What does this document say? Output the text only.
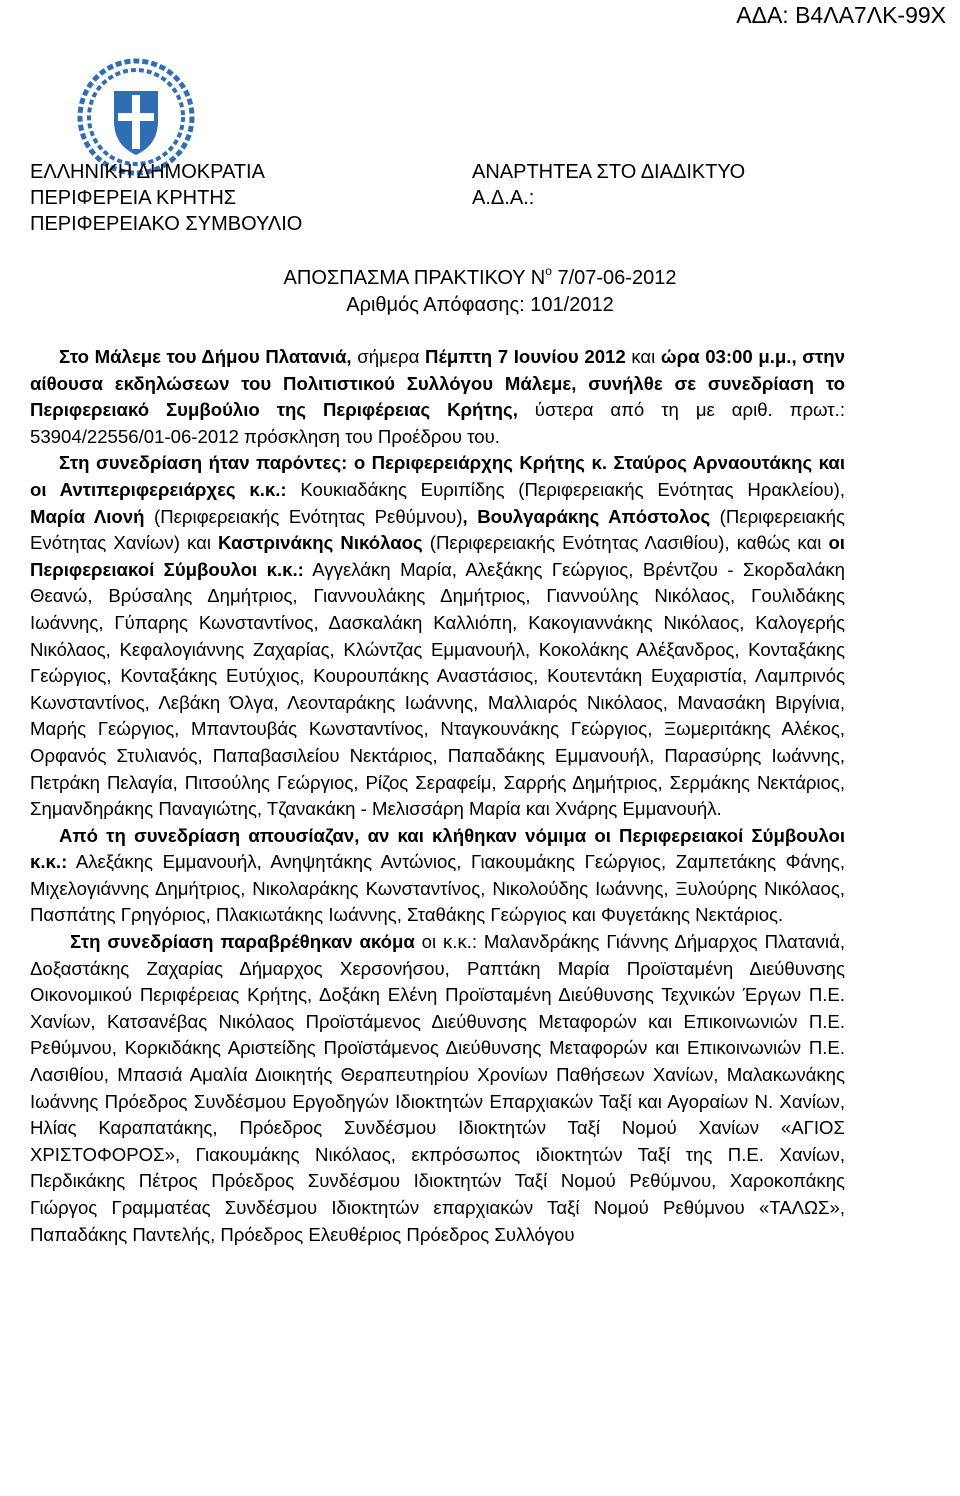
ΑΔΑ: Β4ΛΑ7ΛΚ-99Χ
ΕΛΛΗΝΙΚΗ ΔΗΜΟΚΡΑΤΙΑ
ΠΕΡΙΦΕΡΕΙΑ ΚΡΗΤΗΣ
ΠΕΡΙΦΕΡΕΙΑΚΟ ΣΥΜΒΟΥΛΙΟ
ΑΝΑΡΤΗΤΕΑ ΣΤΟ ΔΙΑΔΙΚΤΥΟ
Α.Δ.Α.:
ΑΠΟΣΠΑΣΜΑ ΠΡΑΚΤΙΚΟΥ $N^o$ 7/07-06-2012
Αριθμός Απόφασης: 101/2012

Στο Μάλεμε του Δήμου Πλατανιά, σήμερα Πέμπτη 7 Ιουνίου 2012 και ώρα 03:00 μ.μ., στην αίθουσα εκδηλώσεων του Πολιτιστικού Συλλόγου Μάλεμε, συνήλθε σε συνεδρίαση το Περιφερειακό Συμβούλιο της Περιφέρειας Κρήτης, ύστερα από τη με αριθ. πρωτ.: 53904/22556/01-06-2012 πρόσκληση του Προέδρου του.

Στη συνεδρίαση ήταν παρόντες: ο Περιφερειάρχης Κρήτης κ. Σταύρος Αρναουτάκης και οι Αντιπεριφερειάρχες κ.κ.: Κουκιαδάκης Ευριπίδης (Περιφερειακής Ενότητας Ηρακλείου), Μαρία Λιονή (Περιφερειακής Ενότητας Ρεθύμνου), Βουλγαράκης Απόστολος (Περιφερειακής Ενότητας Χανίων) και Καστρινάκης Νικόλαος (Περιφερειακής Ενότητας Λασιθίου), καθώς και οι Περιφερειακοί Σύμβουλοι κ.κ.: Αγγελάκη Μαρία, Αλεξάκης Γεώργιος, Βρέντζου - Σκορδαλάκη Θεανώ, Βρύσαλης Δημήτριος, Γιαννουλάκης Δημήτριος, Γιαννούλης Νικόλαος, Γουλιδάκης Ιωάννης, Γύπαρης Κωνσταντίνος, Δασκαλάκη Καλλιόπη, Κακογιαννάκης Νικόλαος, Καλογερής Νικόλαος, Κεφαλογιάννης Ζαχαρίας, Κλώντζας Εμμανουήλ, Κοκολάκης Αλέξανδρος, Κονταξάκης Γεώργιος, Κονταξάκης Ευτύχιος, Κουρουπάκης Αναστάσιος, Κουτεντάκη Ευχαριστία, Λαμπρινός Κωνσταντίνος, Λεβάκη Όλγα, Λεονταράκης Ιωάννης, Μαλλιαρός Νικόλαος, Μανασάκη Βιργίνια, Μαρής Γεώργιος, Μπαντουβάς Κωνσταντίνος, Νταγκουνάκης Γεώργιος, Ξωμεριτάκης Αλέκος, Ορφανός Στυλιανός, Παπαβασιλείου Νεκτάριος, Παπαδάκης Εμμανουήλ, Παρασύρης Ιωάννης, Πετράκη Πελαγία, Πιτσούλης Γεώργιος, Ρίζος Σεραφείμ, Σαρρής Δημήτριος, Σερμάκης Νεκτάριος, Σημανδηράκης Παναγιώτης, Τζανακάκη - Μελισσάρη Μαρία και Χνάρης Εμμανουήλ.

Από τη συνεδρίαση απουσίαζαν, αν και κλήθηκαν νόμιμα οι Περιφερειακοί Σύμβουλοι κ.κ.: Αλεξάκης Εμμανουήλ, Ανηψητάκης Αντώνιος, Γιακουμάκης Γεώργιος, Ζαμπετάκης Φάνης, Μιχελογιάννης Δημήτριος, Νικολαράκης Κωνσταντίνος, Νικολούδης Ιωάννης, Ξυλούρης Νικόλαος, Πασπάτης Γρηγόριος, Πλακιωτάκης Ιωάννης, Σταθάκης Γεώργιος και Φυγετάκης Νεκτάριος.

Στη συνεδρίαση παραβρέθηκαν ακόμα οι κ.κ.: Μαλανδράκης Γιάννης Δήμαρχος Πλατανιά, Δοξαστάκης Ζαχαρίας Δήμαρχος Χερσονήσου, Ραπτάκη Μαρία Προϊσταμένη Διεύθυνσης Οικονομικού Περιφέρειας Κρήτης, Δοξάκη Ελένη Προϊσταμένη Διεύθυνσης Τεχνικών Έργων Π.Ε. Χανίων, Κατσανέβας Νικόλαος Προϊστάμενος Διεύθυνσης Μεταφορών και Επικοινωνιών Π.Ε. Ρεθύμνου, Κορκιδάκης Αριστείδης Προϊστάμενος Διεύθυνσης Μεταφορών και Επικοινωνιών Π.Ε. Λασιθίου, Μπασιά Αμαλία Διοικητής Θεραπευτηρίου Χρονίων Παθήσεων Χανίων, Μαλακωνάκης Ιωάννης Πρόεδρος Συνδέσμου Εργοδηγών Ιδιοκτητών Επαρχιακών Ταξί και Αγοραίων Ν. Χανίων, Ηλίας Καραπατάκης, Πρόεδρος Συνδέσμου Ιδιοκτητών Ταξί Νομού Χανίων «ΑΓΙΟΣ ΧΡΙΣΤΟΦΟΡΟΣ», Γιακουμάκης Νικόλαος, εκπρόσωπος ιδιοκτητών Ταξί της Π.Ε. Χανίων, Περδικάκης Πέτρος Πρόεδρος Συνδέσμου Ιδιοκτητών Ταξί Νομού Ρεθύμνου, Χαροκοπάκης Γιώργος Γραμματέας Συνδέσμου Ιδιοκτητών επαρχιακών Ταξί Νομού Ρεθύμνου «ΤΑΛΩΣ», Παπαδάκης Παντελής, Πρόεδρος Ελευθέριος Πρόεδρος Συλλόγου
